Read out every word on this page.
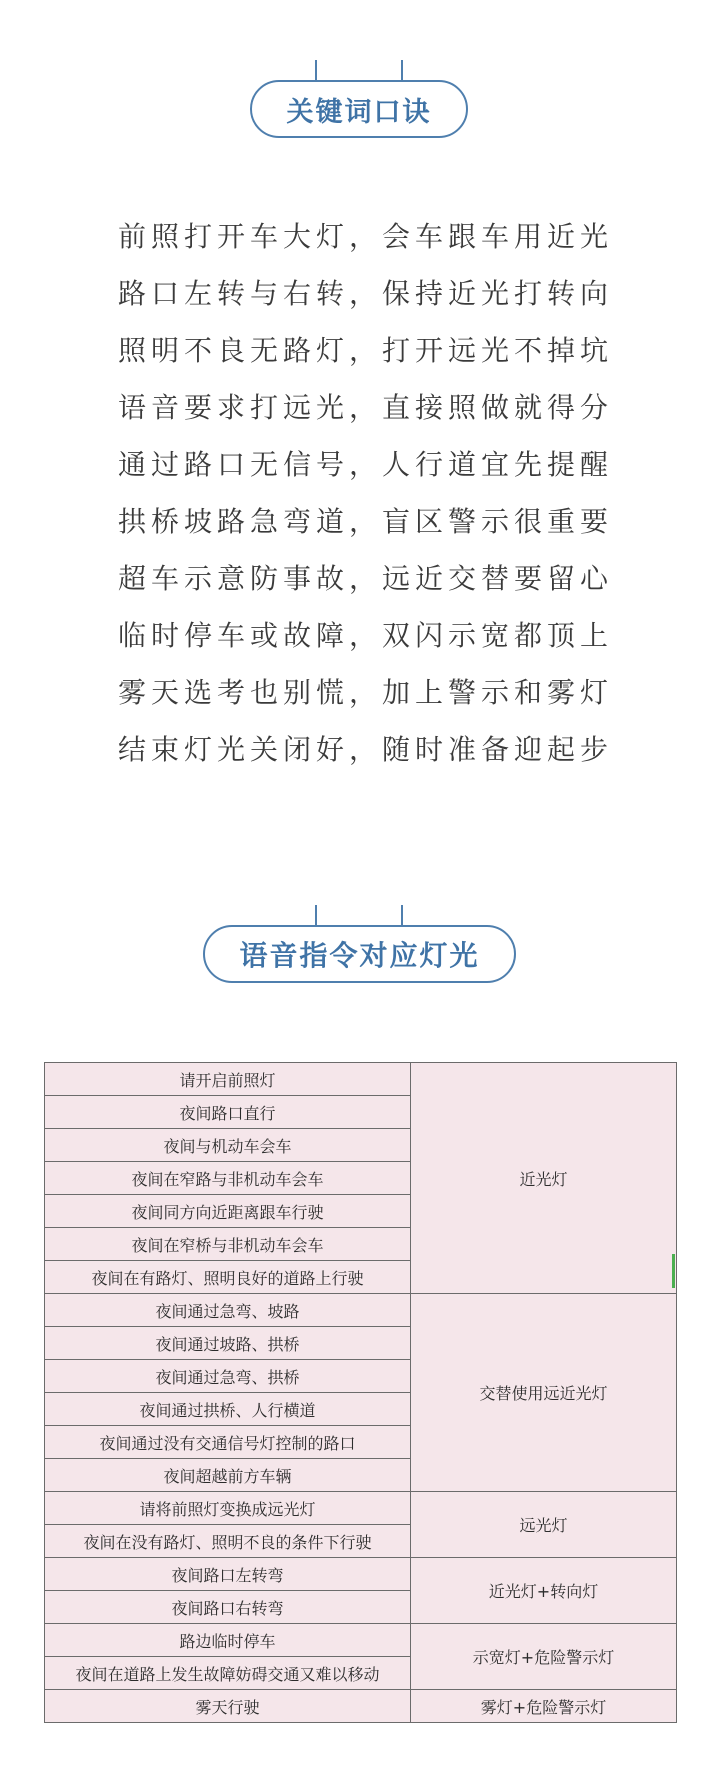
关键词口诀
前照打开车大灯，会车跟车用近光
路口左转与右转，保持近光打转向
照明不良无路灯，打开远光不掉坑
语音要求打远光，直接照做就得分
通过路口无信号，人行道宜先提醒
拱桥坡路急弯道，盲区警示很重要
超车示意防事故，远近交替要留心
临时停车或故障，双闪示宽都顶上
雾天选考也别慌，加上警示和雾灯
结束灯光关闭好，随时准备迎起步
语音指令对应灯光
请开启前照灯	近光灯
夜间路口直行	
夜间与机动车会车	
夜间在窄路与非机动车会车	
夜间同方向近距离跟车行驶	
夜间在窄桥与非机动车会车	
夜间在有路灯、照明良好的道路上行驶	
夜间通过急弯、坡路	交替使用远近光灯
夜间通过坡路、拱桥	
夜间通过急弯、拱桥	
夜间通过拱桥、人行横道	
夜间通过没有交通信号灯控制的路口	
夜间超越前方车辆	
请将前照灯变换成远光灯	远光灯
夜间在没有路灯、照明不良的条件下行驶	
夜间路口左转弯	近光灯+转向灯
夜间路口右转弯	
路边临时停车	示宽灯+危险警示灯
夜间在道路上发生故障妨碍交通又难以移动	
雾天行驶	雾灯+危险警示灯
